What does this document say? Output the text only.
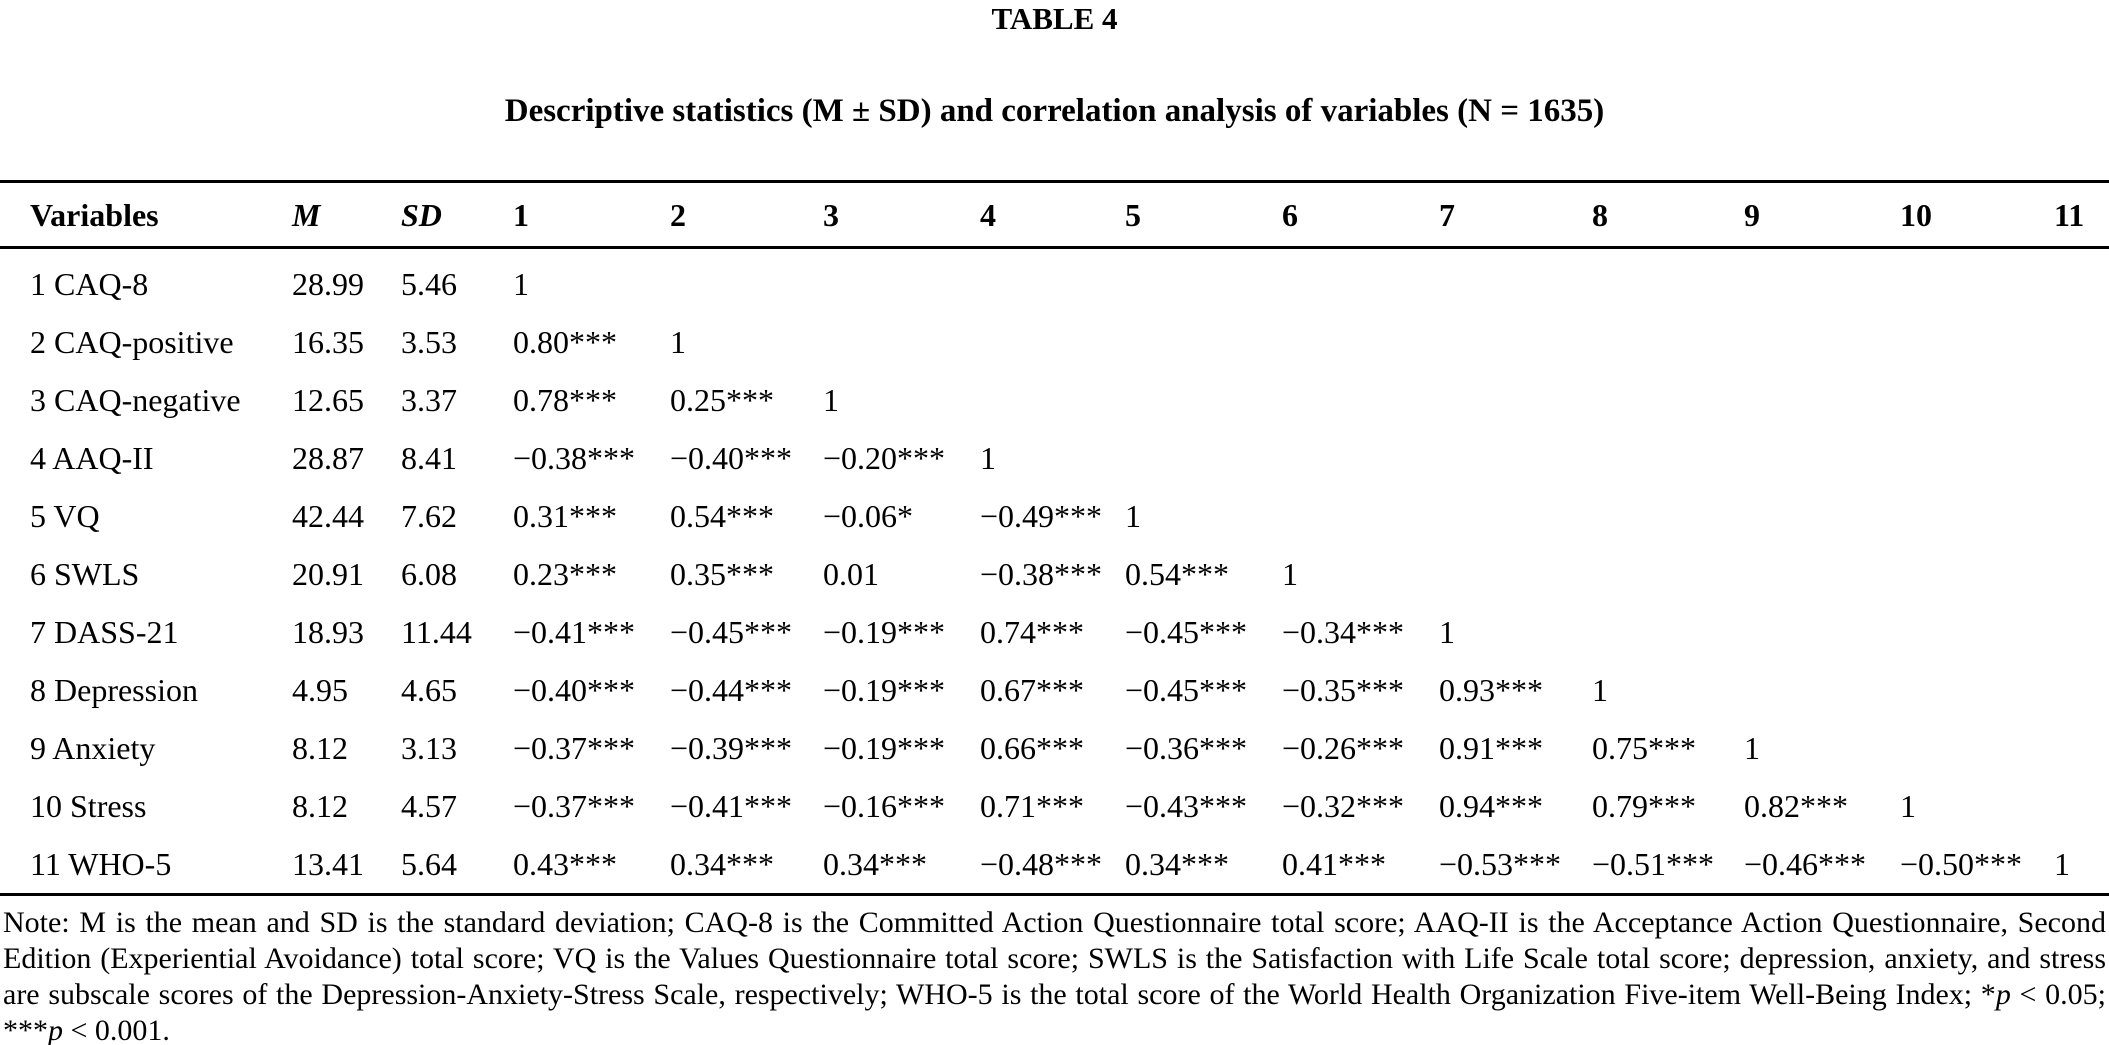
TABLE 4
Descriptive statistics (M ± SD) and correlation analysis of variables (N = 1635)
Variables	M	SD	1	2	3	4	5	6	7	8	9	10	11
1 CAQ-8	28.99	5.46	1										
2 CAQ-positive	16.35	3.53	0.80***	1									
3 CAQ-negative	12.65	3.37	0.78***	0.25***	1								
4 AAQ-II	28.87	8.41	−0.38***	−0.40***	−0.20***	1							
5 VQ	42.44	7.62	0.31***	0.54***	−0.06*	−0.49***	1						
6 SWLS	20.91	6.08	0.23***	0.35***	0.01	−0.38***	0.54***	1					
7 DASS-21	18.93	11.44	−0.41***	−0.45***	−0.19***	0.74***	−0.45***	−0.34***	1				
8 Depression	4.95	4.65	−0.40***	−0.44***	−0.19***	0.67***	−0.45***	−0.35***	0.93***	1			
9 Anxiety	8.12	3.13	−0.37***	−0.39***	−0.19***	0.66***	−0.36***	−0.26***	0.91***	0.75***	1		
10 Stress	8.12	4.57	−0.37***	−0.41***	−0.16***	0.71***	−0.43***	−0.32***	0.94***	0.79***	0.82***	1	
11 WHO-5	13.41	5.64	0.43***	0.34***	0.34***	−0.48***	0.34***	0.41***	−0.53***	−0.51***	−0.46***	−0.50***	1
Note: M is the mean and SD is the standard deviation; CAQ-8 is the Committed Action Questionnaire total score; AAQ-II is the Acceptance Action Questionnaire, Second Edition (Experiential Avoidance) total score; VQ is the Values Questionnaire total score; SWLS is the Satisfaction with Life Scale total score; depression, anxiety, and stress are subscale scores of the Depression-Anxiety-Stress Scale, respectively; WHO-5 is the total score of the World Health Organization Five-item Well-Being Index; *p < 0.05; ***p < 0.001.
